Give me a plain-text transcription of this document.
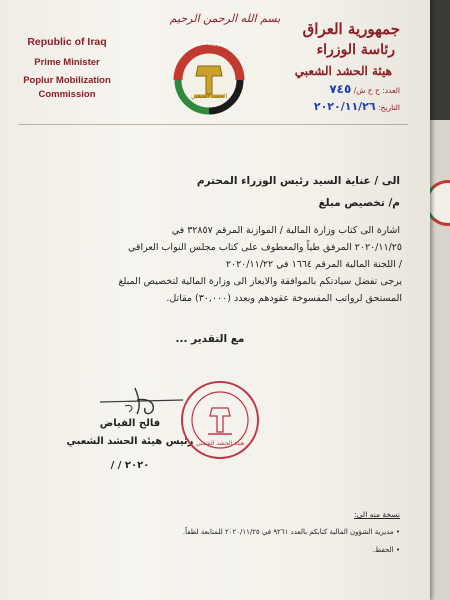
بسم الله الرحمن الرحيم
Republic of Iraq
Prime Minister
Poplur Mobilization
Commission
جمهورية العراق
رئاسة الوزراء
هيئة الحشد الشعبي
جمهورية العراق
الحشد الشعبي
العدد: ح ح ش/ ٧٤٥
التاريخ: ٢٠٢٠/١١/٢٦
الى / عناية السيد رئيس الوزراء المحترم
م/ تخصيص مبلغ
اشارة الى كتاب وزارة المالية / الموازنة المرقم ٣٢٨٥٧ في
٢٠٢٠/١١/٢٥ المرفق طياً والمعطوف على كتاب مجلس النواب العراقي
/ اللجنة المالية المرقم ١٦٦٤ في ٢٠٢٠/١١/٢٢
يرجى تفضل سيادتكم بالموافقة والايعاز الى وزارة المالية لتخصيص المبلغ
المستحق لرواتب المفسوخة عقودهم وبعدد (٣٠,٠٠٠) مقاتل.
مع التقدير ...
فالح الفياض
رئيس هيئة الحشد الشعبي
/ / ٢٠٢٠
هيئة الحشد الشعبي
نسخة منه الى:
• مديرية الشؤون المالية كتابكم بالعدد ٩٢٦١ في ٢٠٢٠/١١/٢٥ للمتابعة لطفاً.
• الحفظ.
